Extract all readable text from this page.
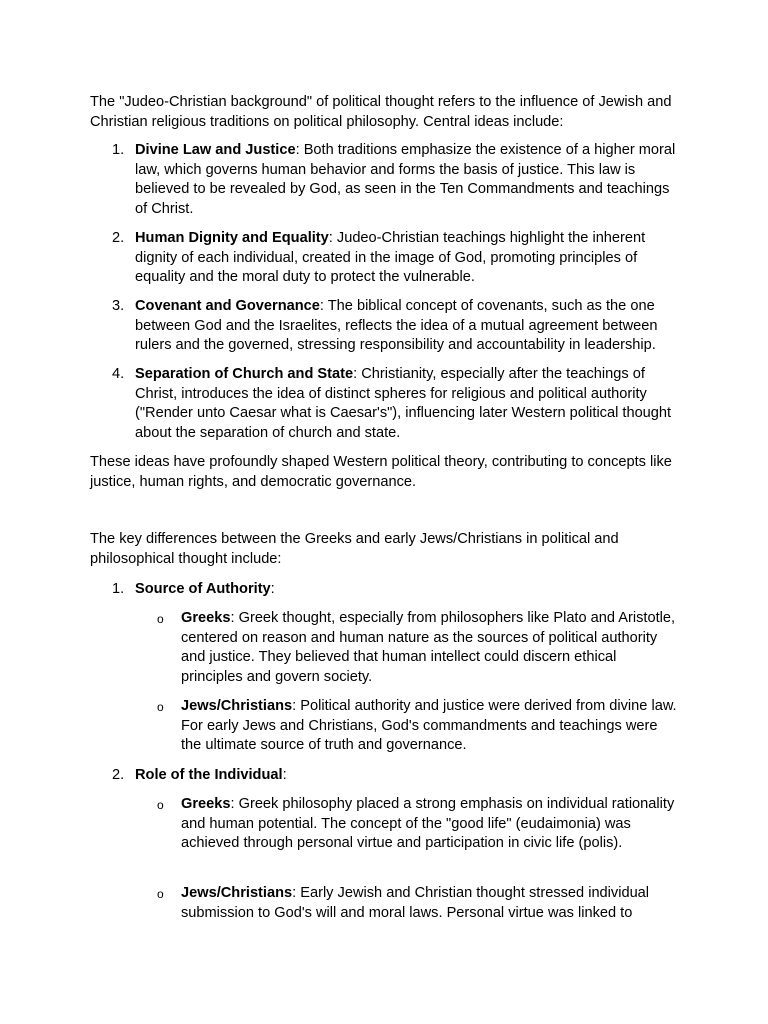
The "Judeo-Christian background" of political thought refers to the influence of Jewish and Christian religious traditions on political philosophy. Central ideas include:

1. Divine Law and Justice: Both traditions emphasize the existence of a higher moral law, which governs human behavior and forms the basis of justice. This law is believed to be revealed by God, as seen in the Ten Commandments and teachings of Christ.

2. Human Dignity and Equality: Judeo-Christian teachings highlight the inherent dignity of each individual, created in the image of God, promoting principles of equality and the moral duty to protect the vulnerable.

3. Covenant and Governance: The biblical concept of covenants, such as the one between God and the Israelites, reflects the idea of a mutual agreement between rulers and the governed, stressing responsibility and accountability in leadership.

4. Separation of Church and State: Christianity, especially after the teachings of Christ, introduces the idea of distinct spheres for religious and political authority ("Render unto Caesar what is Caesar's"), influencing later Western political thought about the separation of church and state.

These ideas have profoundly shaped Western political theory, contributing to concepts like justice, human rights, and democratic governance.

The key differences between the Greeks and early Jews/Christians in political and philosophical thought include:

1. Source of Authority:

o Greeks: Greek thought, especially from philosophers like Plato and Aristotle, centered on reason and human nature as the sources of political authority and justice. They believed that human intellect could discern ethical principles and govern society.

o Jews/Christians: Political authority and justice were derived from divine law. For early Jews and Christians, God's commandments and teachings were the ultimate source of truth and governance.

2. Role of the Individual:

o Greeks: Greek philosophy placed a strong emphasis on individual rationality and human potential. The concept of the "good life" (eudaimonia) was achieved through personal virtue and participation in civic life (polis).

o Jews/Christians: Early Jewish and Christian thought stressed individual submission to God's will and moral laws. Personal virtue was linked to
